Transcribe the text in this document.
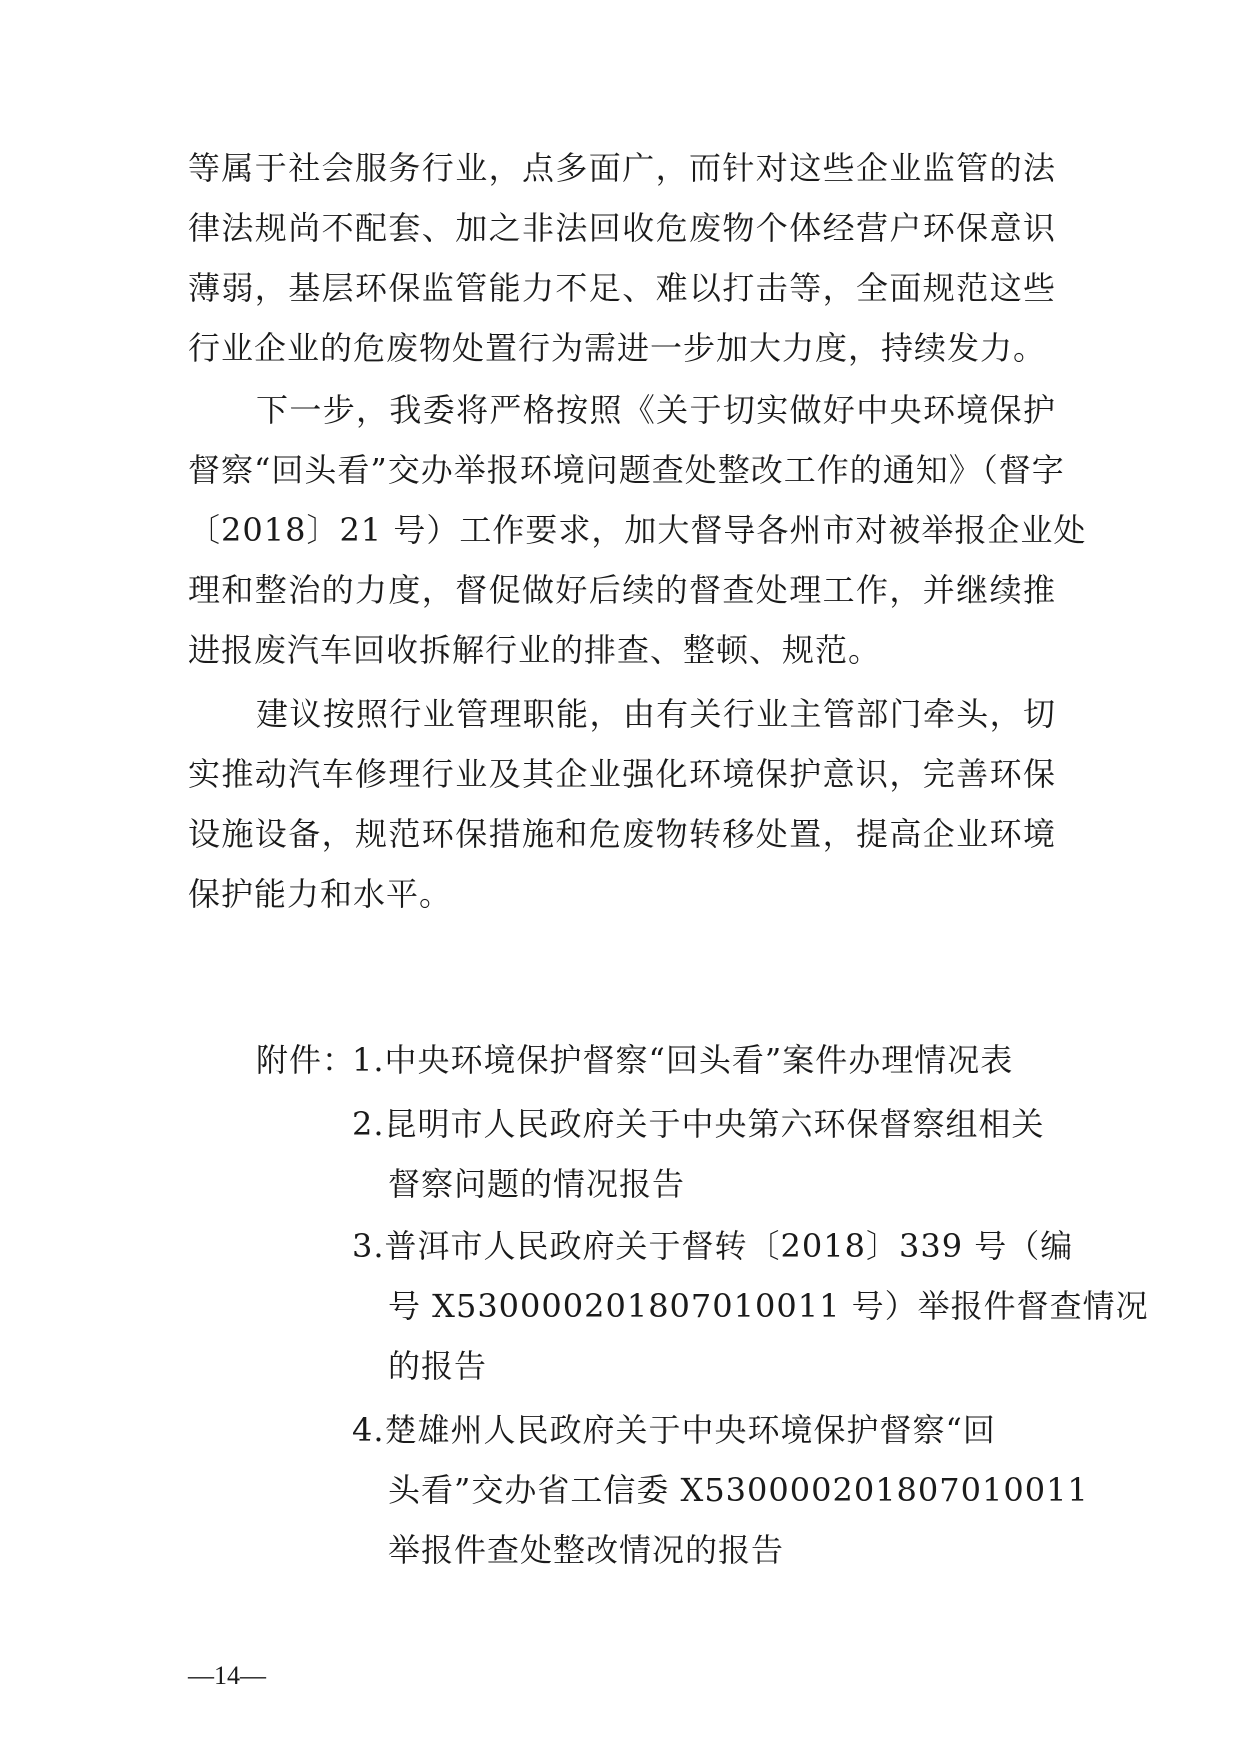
等属于社会服务行业，点多面广，而针对这些企业监管的法
律法规尚不配套、加之非法回收危废物个体经营户环保意识
薄弱，基层环保监管能力不足、难以打击等，全面规范这些
行业企业的危废物处置行为需进一步加大力度，持续发力。
下一步，我委将严格按照《关于切实做好中央环境保护
督察“回头看”交办举报环境问题查处整改工作的通知》（督字
〔2018〕21 号）工作要求，加大督导各州市对被举报企业处
理和整治的力度，督促做好后续的督查处理工作，并继续推
进报废汽车回收拆解行业的排查、整顿、规范。
建议按照行业管理职能，由有关行业主管部门牵头，切
实推动汽车修理行业及其企业强化环境保护意识，完善环保
设施设备，规范环保措施和危废物转移处置，提高企业环境
保护能力和水平。
附件：
1.中央环境保护督察“回头看”案件办理情况表
2.昆明市人民政府关于中央第六环保督察组相关
督察问题的情况报告
3.普洱市人民政府关于督转〔2018〕339 号（编
号 X530000201807010011 号）举报件督查情况
的报告
4.楚雄州人民政府关于中央环境保护督察“回
头看”交办省工信委 X530000201807010011
举报件查处整改情况的报告
—14—
